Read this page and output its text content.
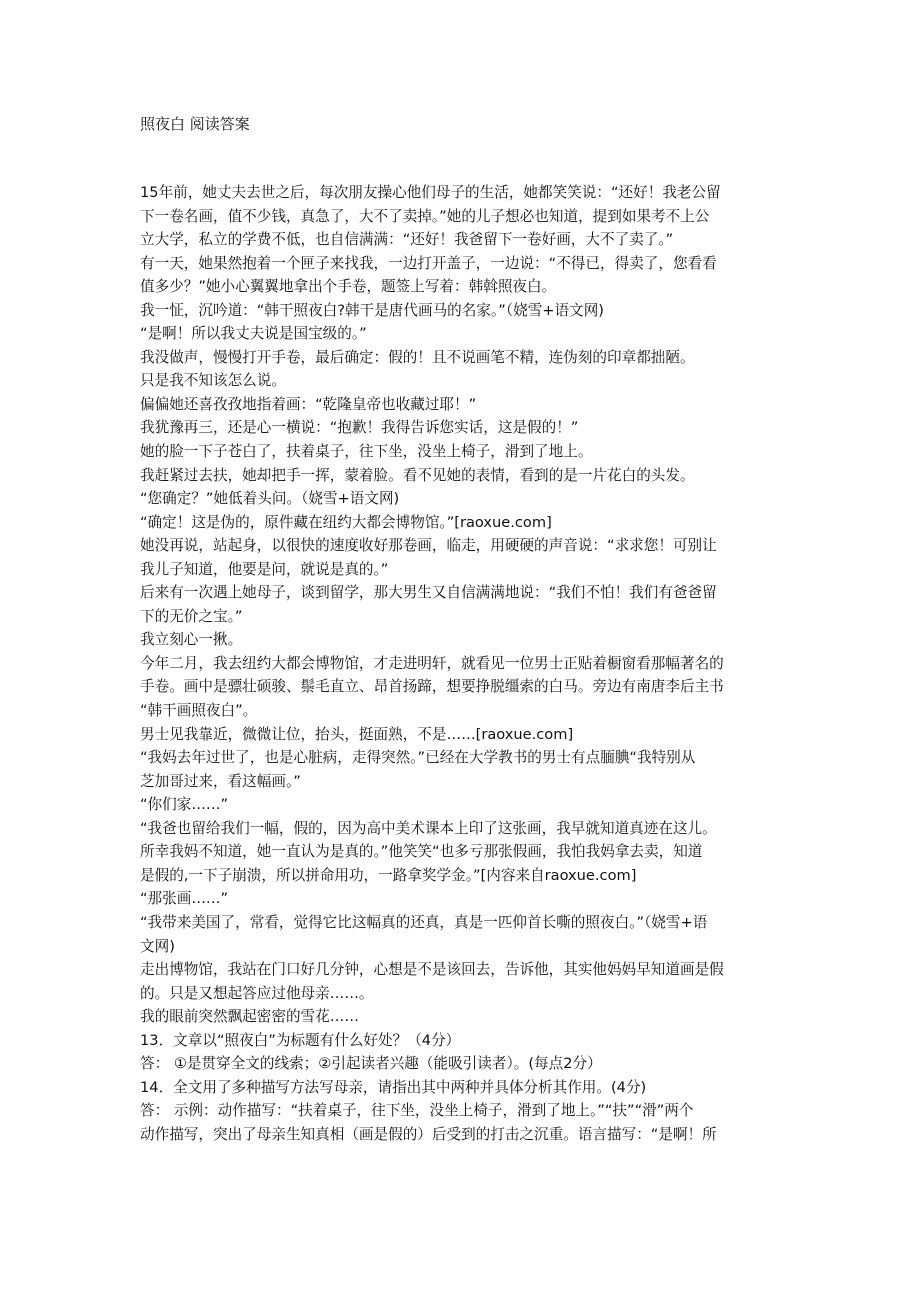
照夜白 阅读答案
15年前，她丈夫去世之后，每次朋友操心他们母子的生活，她都笑笑说：“还好！我老公留
下一卷名画，值不少钱，真急了，大不了卖掉。”她的儿子想必也知道，提到如果考不上公
立大学，私立的学费不低，也自信满满：“还好！我爸留下一卷好画，大不了卖了。”
有一天，她果然抱着一个匣子来找我，一边打开盖子，一边说：“不得已，得卖了，您看看
值多少？”她小心翼翼地拿出个手卷，题签上写着：韩斡照夜白。
我一怔，沉吟道：“韩干照夜白?韩干是唐代画马的名家。”（娆雪+语文网)
“是啊！所以我丈夫说是国宝级的。”
我没做声，慢慢打开手卷，最后确定：假的！且不说画笔不精，连伪刻的印章都拙陋。
只是我不知该怎么说。
偏偏她还喜孜孜地指着画：“乾隆皇帝也收藏过耶！”
我犹豫再三，还是心一横说：“抱歉！我得告诉您实话，这是假的！”
她的脸一下子苍白了，扶着桌子，往下坐，没坐上椅子，滑到了地上。
我赶紧过去扶，她却把手一挥，蒙着脸。看不见她的表情，看到的是一片花白的头发。
“您确定？”她低着头问。（娆雪+语文网)
“确定！这是伪的，原件藏在纽约大都会博物馆。”[raoxue.com]
她没再说，站起身，以很快的速度收好那卷画，临走，用硬硬的声音说：“求求您！可别让
我儿子知道，他要是问，就说是真的。”
后来有一次遇上她母子，谈到留学，那大男生又自信满满地说：“我们不怕！我们有爸爸留
下的无价之宝。”
我立刻心一揪。
今年二月，我去纽约大都会博物馆，才走进明轩，就看见一位男士正贴着橱窗看那幅著名的
手卷。画中是骠壮硕骏、鬃毛直立、昂首扬蹄，想要挣脱缰索的白马。旁边有南唐李后主书
“韩干画照夜白”。
男士见我靠近，微微让位，抬头，挺面熟，不是……[raoxue.com]
“我妈去年过世了，也是心脏病，走得突然。”已经在大学教书的男士有点腼腆“我特别从
芝加哥过来，看这幅画。”
“你们家……”
“我爸也留给我们一幅，假的，因为高中美术课本上印了这张画，我早就知道真迹在这儿。
所幸我妈不知道，她一直认为是真的。”他笑笑“也多亏那张假画，我怕我妈拿去卖，知道
是假的,一下子崩溃，所以拼命用功，一路拿奖学金。”[内容来自raoxue.com]
“那张画……”
“我带来美国了，常看，觉得它比这幅真的还真，真是一匹仰首长嘶的照夜白。”（娆雪+语
文网)
走出博物馆，我站在门口好几分钟，心想是不是该回去，告诉他，其实他妈妈早知道画是假
的。只是又想起答应过他母亲……。
我的眼前突然飘起密密的雪花……
13．文章以“照夜白”为标题有什么好处？（4分）
答： ①是贯穿全文的线索；②引起读者兴趣（能吸引读者）。(每点2分）
14．全文用了多种描写方法写母亲，请指出其中两种并具体分析其作用。(4分)
答： 示例：动作描写：“扶着桌子，往下坐，没坐上椅子，滑到了地上。”“扶”“滑”两个
动作描写，突出了母亲生知真相（画是假的）后受到的打击之沉重。语言描写：“是啊！所
